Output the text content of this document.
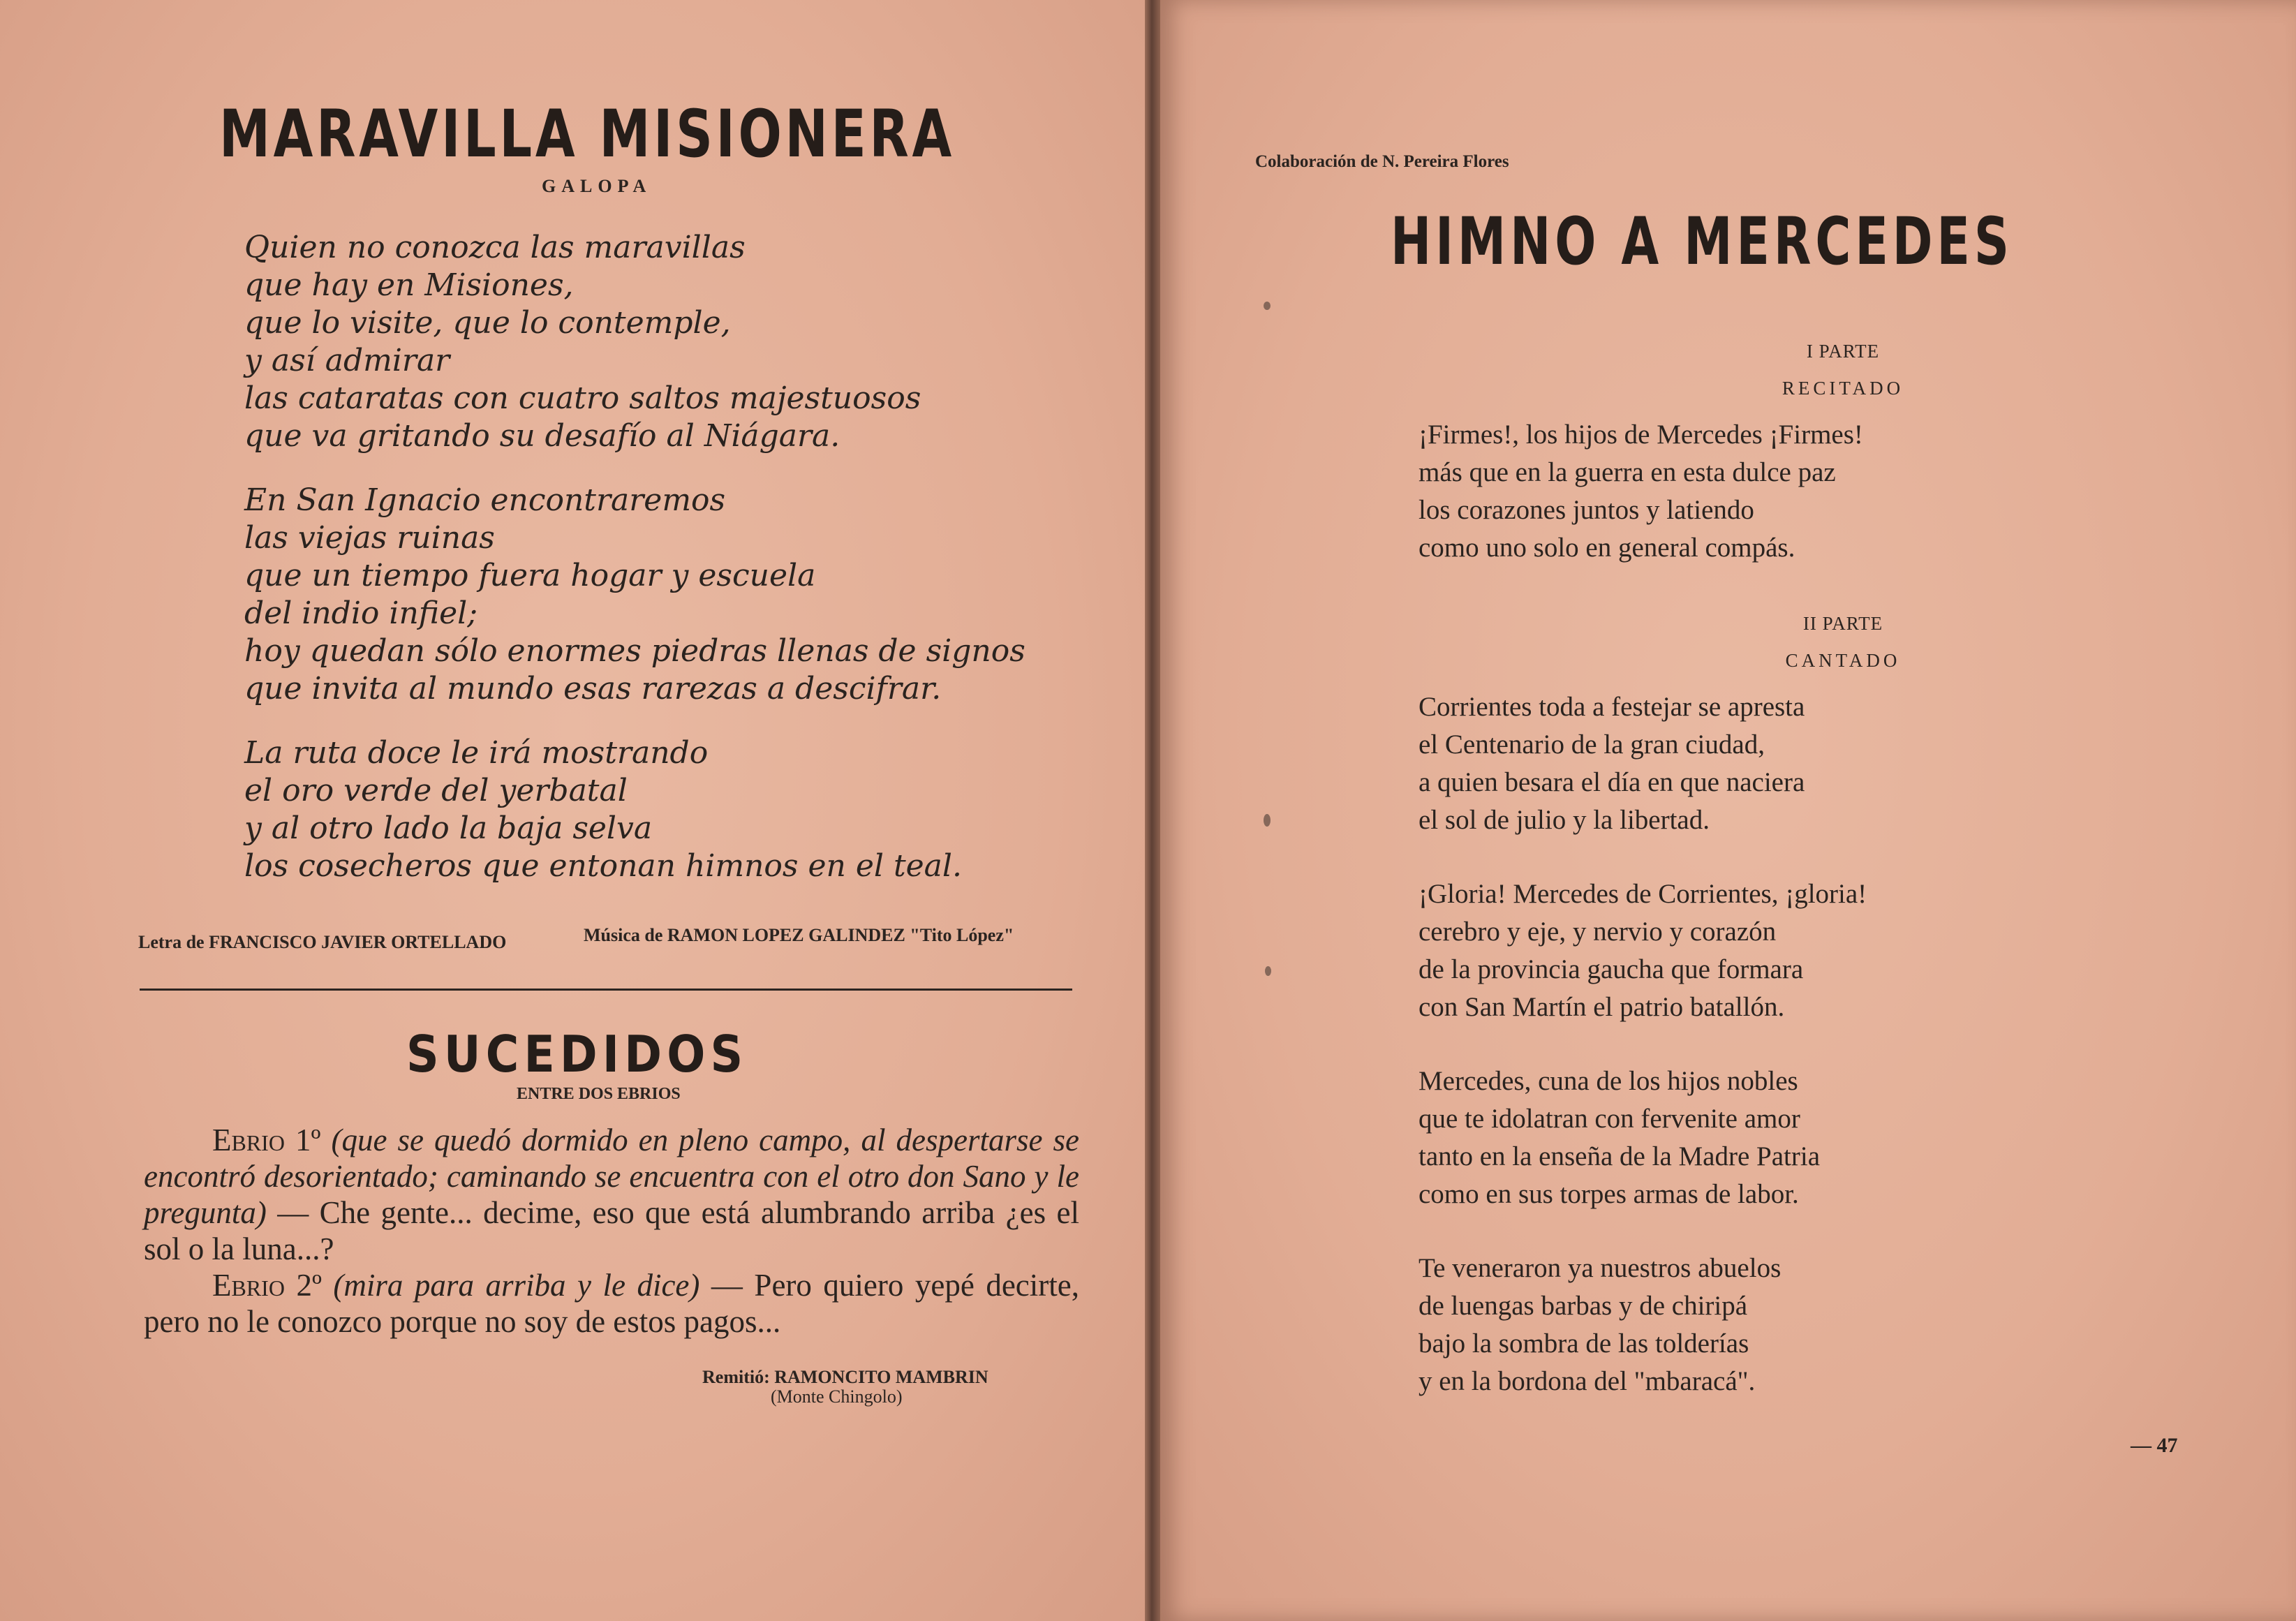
MARAVILLA MISIONERA
GALOPA
Quien no conozca las maravillas
que hay en Misiones,
que lo visite, que lo contemple,
y así admirar
las cataratas con cuatro saltos majestuosos
que va gritando su desafío al Niágara.
En San Ignacio encontraremos
las viejas ruinas
que un tiempo fuera hogar y escuela
del indio infiel;
hoy quedan sólo enormes piedras llenas de signos
que invita al mundo esas rarezas a descifrar.
La ruta doce le irá mostrando
el oro verde del yerbatal
y al otro lado la baja selva
los cosecheros que entonan himnos en el teal.
Letra de FRANCISCO JAVIER ORTELLADO	Música de RAMON LOPEZ GALINDEZ "Tito López"
SUCEDIDOS
ENTRE DOS EBRIOS

Ebrio 1º (que se quedó dormido en pleno campo, al despertarse se encontró desorientado; caminando se encuentra con el otro don Sano y le pregunta) — Che gente... decime, eso que está alumbrando arriba ¿es el sol o la luna...?

Ebrio 2º (mira para arriba y le dice) — Pero quiero yepé decirte, pero no le conozco porque no soy de estos pagos...

Remitió: RAMONCITO MAMBRIN
(Monte Chingolo)
Colaboración de N. Pereira Flores
HIMNO A MERCEDES
I PARTE
RECITADO
¡Firmes!, los hijos de Mercedes ¡Firmes!
más que en la guerra en esta dulce paz
los corazones juntos y latiendo
como uno solo en general compás.
II PARTE
CANTADO
Corrientes toda a festejar se apresta
el Centenario de la gran ciudad,
a quien besara el día en que naciera
el sol de julio y la libertad.
¡Gloria! Mercedes de Corrientes, ¡gloria!
cerebro y eje, y nervio y corazón
de la provincia gaucha que formara
con San Martín el patrio batallón.
Mercedes, cuna de los hijos nobles
que te idolatran con fervenite amor
tanto en la enseña de la Madre Patria
como en sus torpes armas de labor.
Te veneraron ya nuestros abuelos
de luengas barbas y de chiripá
bajo la sombra de las tolderías
y en la bordona del "mbaracá".
— 47
